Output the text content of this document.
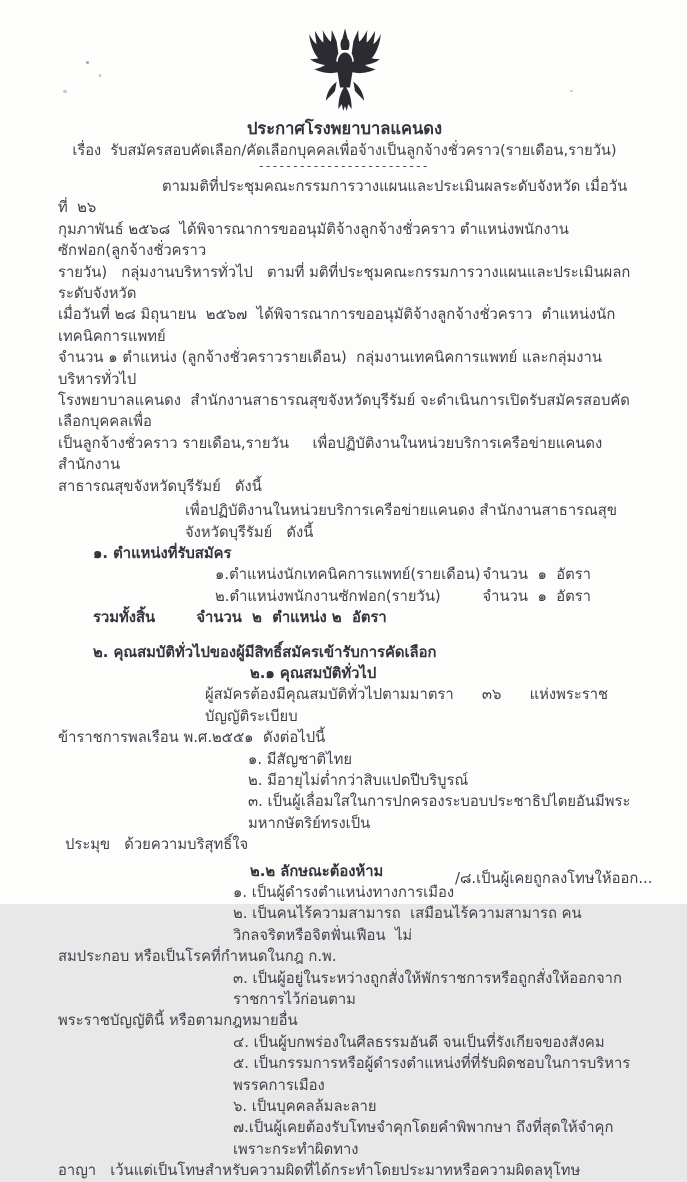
ประกาศโรงพยาบาลแคนดง
เรื่อง  รับสมัครสอบคัดเลือก/คัดเลือกบุคคลเพื่อจ้างเป็นลูกจ้างชั่วคราว(รายเดือน,รายวัน)
-------------------------
ตามมติที่ประชุมคณะกรรมการวางแผนและประเมินผลระดับจังหวัด เมื่อวันที่  ๒๖
กุมภาพันธ์ ๒๕๖๘  ได้พิจารณาการขออนุมัติจ้างลูกจ้างชั่วคราว ตำแหน่งพนักงานซักฟอก(ลูกจ้างชั่วคราว
รายวัน)   กลุ่มงานบริหารทั่วไป   ตามที่ มติที่ประชุมคณะกรรมการวางแผนและประเมินผลกระดับจังหวัด
เมื่อวันที่ ๒๘ มิถุนายน  ๒๕๖๗  ได้พิจารณาการขออนุมัติจ้างลูกจ้างชั่วคราว  ตำแหน่งนักเทคนิคการแพทย์
จำนวน ๑ ตำแหน่ง (ลูกจ้างชั่วคราวรายเดือน)  กลุ่มงานเทคนิคการแพทย์ และกลุ่มงานบริหารทั่วไป
โรงพยาบาลแคนดง  สำนักงานสาธารณสุขจังหวัดบุรีรัมย์ จะดำเนินการเปิดรับสมัครสอบคัดเลือกบุคคลเพื่อ
เป็นลูกจ้างชั่วคราว รายเดือน,รายวัน     เพื่อปฏิบัติงานในหน่วยบริการเครือข่ายแคนดง สำนักงาน
สาธารณสุขจังหวัดบุรีรัมย์   ดังนี้
เพื่อปฏิบัติงานในหน่วยบริการเครือข่ายแคนดง สำนักงานสาธารณสุขจังหวัดบุรีรัมย์   ดังนี้
๑. ตำแหน่งที่รับสมัคร
๑.ตำแหน่งนักเทคนิคการแพทย์(รายเดือน) จำนวน  ๑  อัตรา
๒.ตำแหน่งพนักงานซักฟอก(รายวัน)	จำนวน  ๑  อัตรา
รวมทั้งสิ้น        จำนวน  ๒  ตำแหน่ง ๒  อัตรา
๒. คุณสมบัติทั่วไปของผู้มีสิทธิ์สมัครเข้ารับการคัดเลือก
๒.๑ คุณสมบัติทั่วไป
ผู้สมัครต้องมีคุณสมบัติทั่วไปตามมาตรา      ๓๖      แห่งพระราชบัญญัติระเบียบ
ข้าราชการพลเรือน พ.ศ.๒๕๕๑  ดังต่อไปนี้
๑. มีสัญชาติไทย
๒. มีอายุไม่ต่ำกว่าสิบแปดปีบริบูรณ์
๓. เป็นผู้เลื่อมใสในการปกครองระบอบประชาธิปไตยอันมีพระมหากษัตริย์ทรงเป็น
ประมุข   ด้วยความบริสุทธิ์ใจ
๒.๒ ลักษณะต้องห้าม
๑. เป็นผู้ดำรงตำแหน่งทางการเมือง
๒. เป็นคนไร้ความสามารถ  เสมือนไร้ความสามารถ คนวิกลจริตหรือจิตฟั่นเฟือน  ไม่
สมประกอบ หรือเป็นโรคที่กำหนดในกฎ ก.พ.
๓. เป็นผู้อยู่ในระหว่างถูกสั่งให้พักราชการหรือถูกสั่งให้ออกจากราชการไว้ก่อนตาม
พระราชบัญญัตินี้ หรือตามกฎหมายอื่น
๔. เป็นผู้บกพร่องในศีลธรรมอันดี จนเป็นที่รังเกียจของสังคม
๕. เป็นกรรมการหรือผู้ดำรงตำแหน่งที่ที่รับผิดชอบในการบริหารพรรคการเมือง
๖. เป็นบุคคลล้มละลาย
๗.เป็นผู้เคยต้องรับโทษจำคุกโดยคำพิพากษา ถึงที่สุดให้จำคุก   เพราะกระทำผิดทาง
อาญา   เว้นแต่เป็นโทษสำหรับความผิดที่ได้กระทำโดยประมาทหรือความผิดลหุโทษ
/๘.เป็นผู้เคยถูกลงโทษให้ออก...
